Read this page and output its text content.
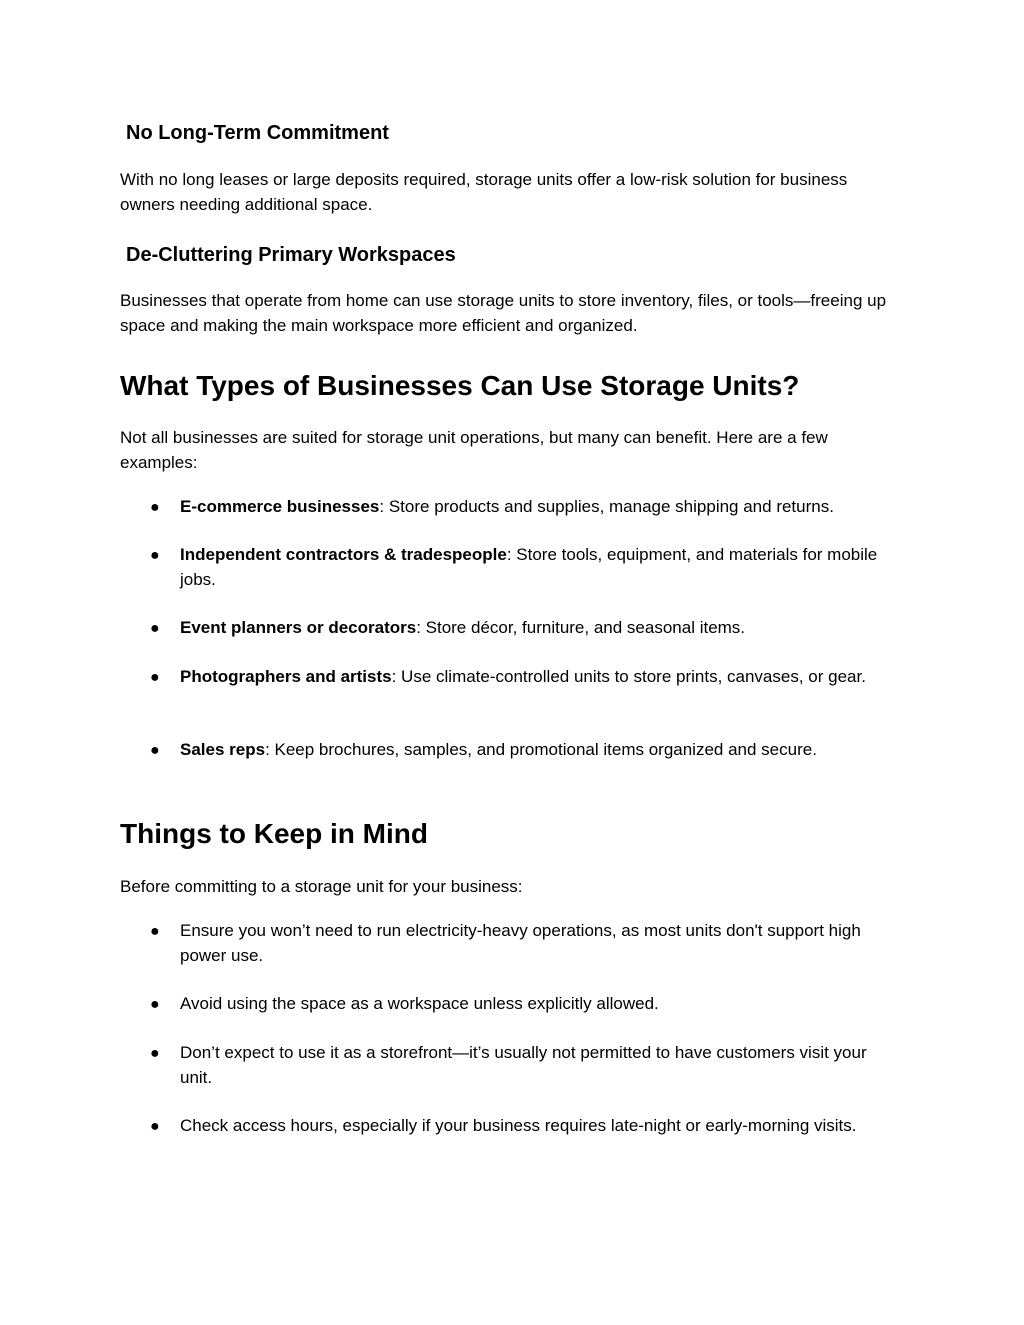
No Long-Term Commitment

With no long leases or large deposits required, storage units offer a low-risk solution for business owners needing additional space.

De-Cluttering Primary Workspaces

Businesses that operate from home can use storage units to store inventory, files, or tools—freeing up space and making the main workspace more efficient and organized.

What Types of Businesses Can Use Storage Units?

Not all businesses are suited for storage unit operations, but many can benefit. Here are a few examples:

● E-commerce businesses: Store products and supplies, manage shipping and returns.

● Independent contractors & tradespeople: Store tools, equipment, and materials for mobile jobs.

● Event planners or decorators: Store décor, furniture, and seasonal items.

● Photographers and artists: Use climate-controlled units to store prints, canvases, or gear.

● Sales reps: Keep brochures, samples, and promotional items organized and secure.

Things to Keep in Mind

Before committing to a storage unit for your business:

● Ensure you won’t need to run electricity-heavy operations, as most units don't support high power use.

● Avoid using the space as a workspace unless explicitly allowed.

● Don’t expect to use it as a storefront—it’s usually not permitted to have customers visit your unit.

● Check access hours, especially if your business requires late-night or early-morning visits.
